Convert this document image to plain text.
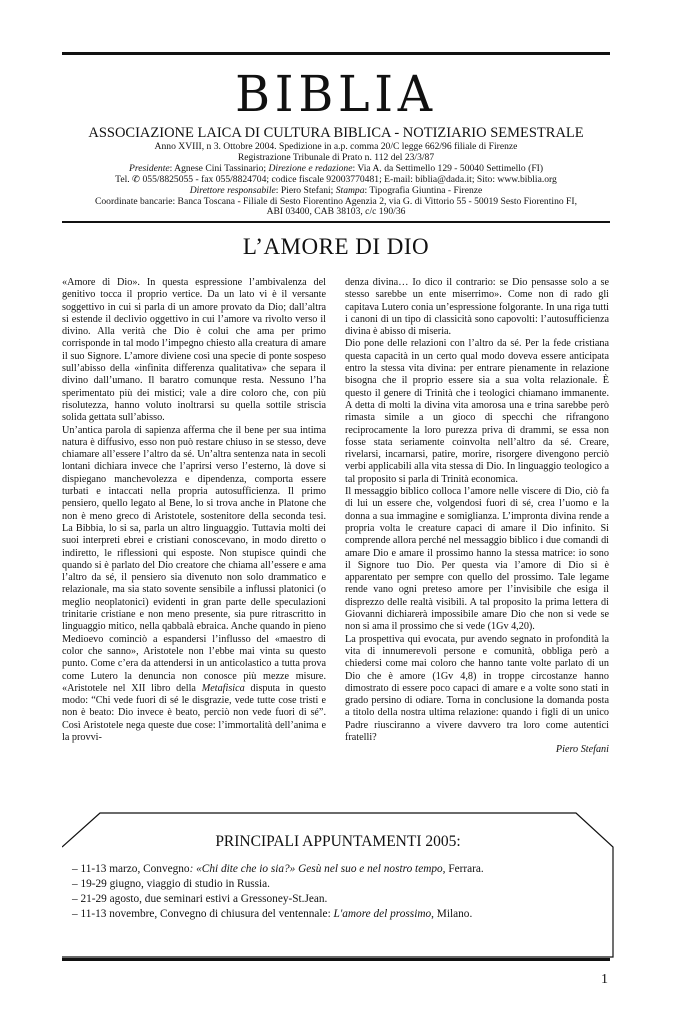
BIBLIA
ASSOCIAZIONE LAICA DI CULTURA BIBLICA - NOTIZIARIO SEMESTRALE
Anno XVIII, n 3. Ottobre 2004. Spedizione in a.p. comma 20/C legge 662/96 filiale di Firenze
Registrazione Tribunale di Prato n. 112 del 23/3/87
Presidente: Agnese Cini Tassinario; Direzione e redazione: Via A. da Settimello 129 - 50040 Settimello (FI)
Tel. ✆ 055/8825055 - fax 055/8824704; codice fiscale 92003770481; E-mail: biblia@dada.it; Sito: www.biblia.org
Direttore responsabile: Piero Stefani; Stampa: Tipografia Giuntina - Firenze
Coordinate bancarie: Banca Toscana - Filiale di Sesto Fiorentino Agenzia 2, via G. di Vittorio 55 - 50019 Sesto Fiorentino FI,
ABI 03400, CAB 38103, c/c 190/36
L’AMORE DI DIO

«Amore di Dio». In questa espressione l’ambivalenza del genitivo tocca il proprio vertice. Da un lato vi è il versante soggettivo in cui si parla di un amore provato da Dio; dall’altra si estende il declivio oggettivo in cui l’amore va rivolto verso il divino. Alla verità che Dio è colui che ama per primo corrisponde in tal modo l’impegno chiesto alla creatura di amare il suo Signore. L’amore diviene così una specie di ponte sospeso sull’abisso della «infinita differenza qualitativa» che separa il divino dall’umano. Il baratro comunque resta. Nessuno l’ha sperimentato più dei mistici; vale a dire coloro che, con più risolutezza, hanno voluto inoltrarsi su quella sottile striscia solida gettata sull’abisso.

Un’antica parola di sapienza afferma che il bene per sua intima natura è diffusivo, esso non può restare chiuso in se stesso, deve chiamare all’essere l’altro da sé. Un’altra sentenza nata in secoli lontani dichiara invece che l’aprirsi verso l’esterno, là dove si dispiegano manchevolezza e dipendenza, comporta essere turbati e intaccati nella propria autosufficienza. Il primo pensiero, quello legato al Bene, lo si trova anche in Platone che non è meno greco di Aristotele, sostenitore della seconda tesi. La Bibbia, lo si sa, parla un altro linguaggio. Tuttavia molti dei suoi interpreti ebrei e cristiani conoscevano, in modo diretto o indiretto, le riflessioni qui esposte. Non stupisce quindi che quando si è parlato del Dio creatore che chiama all’essere e ama l’altro da sé, il pensiero sia divenuto non solo drammatico e relazionale, ma sia stato sovente sensibile a influssi platonici (o meglio neoplatonici) evidenti in gran parte delle speculazioni trinitarie cristiane e non meno presente, sia pure ritrascritto in linguaggio mitico, nella qabbalà ebraica. Anche quando in pieno Medioevo cominciò a espandersi l’influsso del «maestro di color che sanno», Aristotele non l’ebbe mai vinta su questo punto. Come c’era da attendersi in un anticolastico a tutta prova come Lutero la denuncia non conosce più mezze misure. «Aristotele nel XII libro della Metafisica disputa in questo modo: “Chi vede fuori di sé le disgrazie, vede tutte cose tristi e non è beato: Dio invece è beato, perciò non vede fuori di sé”. Così Aristotele nega queste due cose: l’immortalità dell’anima e la provvi-

denza divina… Io dico il contrario: se Dio pensasse solo a se stesso sarebbe un ente miserrimo». Come non di rado gli capitava Lutero conia un’espressione folgorante. In una riga tutti i canoni di un tipo di classicità sono capovolti: l’autosufficienza divina è abisso di miseria.

Dio pone delle relazioni con l’altro da sé. Per la fede cristiana questa capacità in un certo qual modo doveva essere anticipata entro la stessa vita divina: per entrare pienamente in relazione bisogna che il proprio essere sia a sua volta relazionale. È questo il genere di Trinità che i teologici chiamano immanente. A detta di molti la divina vita amorosa una e trina sarebbe però rimasta simile a un gioco di specchi che rifrangono reciprocamente la loro purezza priva di drammi, se essa non fosse stata seriamente coinvolta nell’altro da sé. Creare, rivelarsi, incarnarsi, patire, morire, risorgere divengono perciò verbi applicabili alla vita stessa di Dio. In linguaggio teologico a tal proposito si parla di Trinità economica.

Il messaggio biblico colloca l’amore nelle viscere di Dio, ciò fa di lui un essere che, volgendosi fuori di sé, crea l’uomo e la donna a sua immagine e somiglianza. L’impronta divina rende a propria volta le creature capaci di amare il Dio infinito. Si comprende allora perché nel messaggio biblico i due comandi di amare Dio e amare il prossimo hanno la stessa matrice: io sono il Signore tuo Dio. Per questa via l’amore di Dio si è apparentato per sempre con quello del prossimo. Tale legame rende vano ogni preteso amore per l’invisibile che esiga il disprezzo delle realtà visibili. A tal proposito la prima lettera di Giovanni dichiarerà impossibile amare Dio che non si vede se non si ama il prossimo che si vede (1Gv 4,20).

La prospettiva qui evocata, pur avendo segnato in profondità la vita di innumerevoli persone e comunità, obbliga però a chiedersi come mai coloro che hanno tante volte parlato di un Dio che è amore (1Gv 4,8) in troppe circostanze hanno dimostrato di essere poco capaci di amare e a volte sono stati in grado persino di odiare. Torna in conclusione la domanda posta a titolo della nostra ultima relazione: quando i figli di un unico Padre riusciranno a vivere davvero tra loro come autentici fratelli?

Piero Stefani

PRINCIPALI APPUNTAMENTI 2005:
– 11-13 marzo, Convegno: «Chi dite che io sia?» Gesù nel suo e nel nostro tempo, Ferrara.
– 19-29 giugno, viaggio di studio in Russia.
– 21-29 agosto, due seminari estivi a Gressoney-St.Jean.
– 11-13 novembre, Convegno di chiusura del ventennale: L'amore del prossimo, Milano.
1
